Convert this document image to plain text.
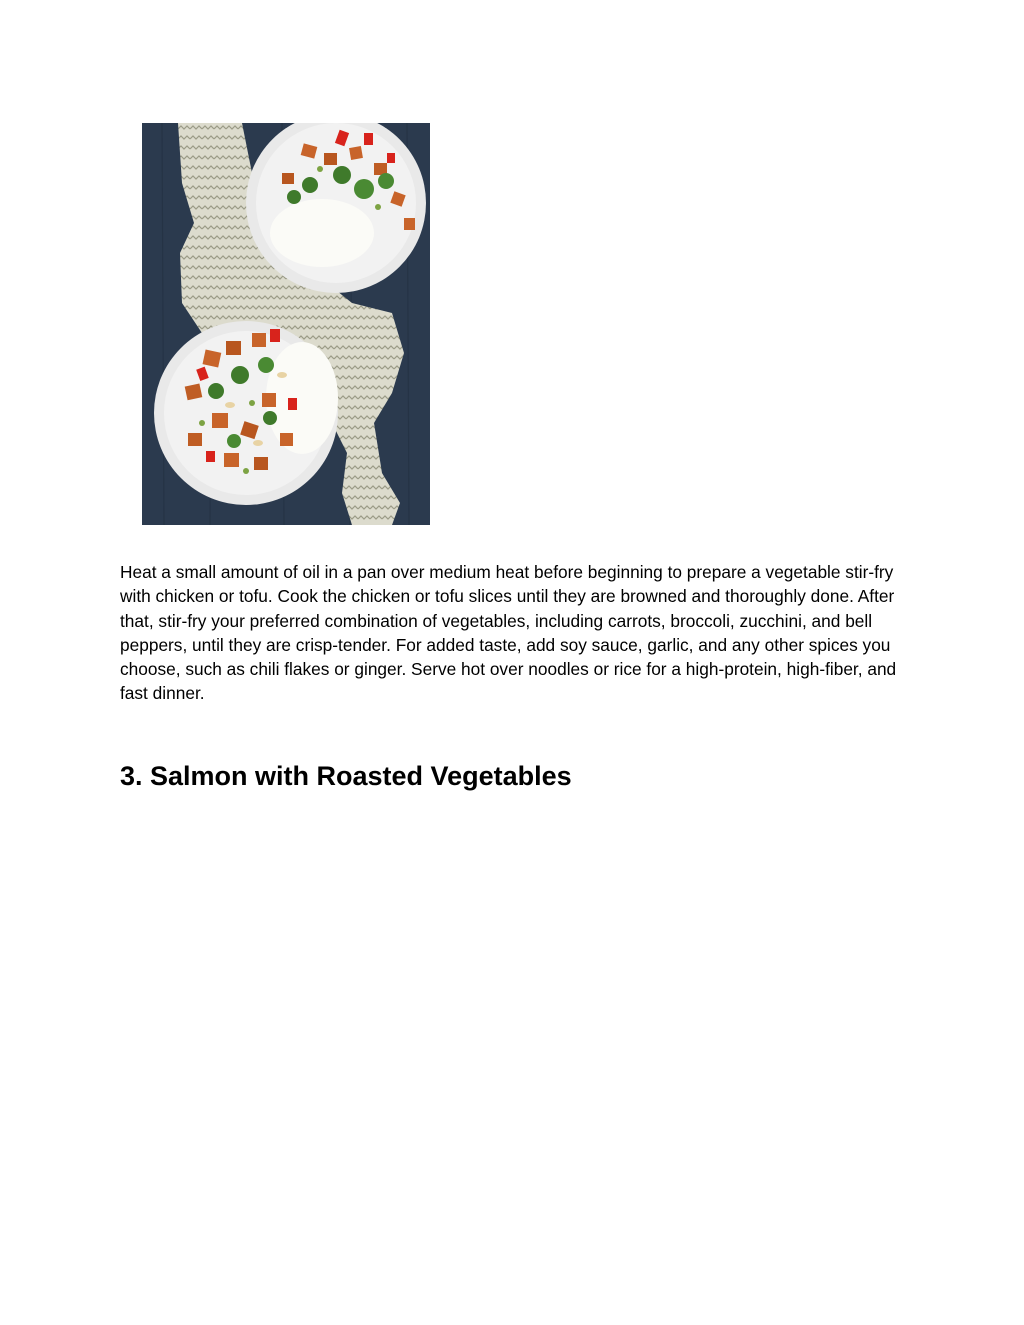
Heat a small amount of oil in a pan over medium heat before beginning to prepare a vegetable stir-fry with chicken or tofu. Cook the chicken or tofu slices until they are browned and thoroughly done. After that, stir-fry your preferred combination of vegetables, including carrots, broccoli, zucchini, and bell peppers, until they are crisp-tender. For added taste, add soy sauce, garlic, and any other spices you choose, such as chili flakes or ginger. Serve hot over noodles or rice for a high-protein, high-fiber, and fast dinner.

3. Salmon with Roasted Vegetables
